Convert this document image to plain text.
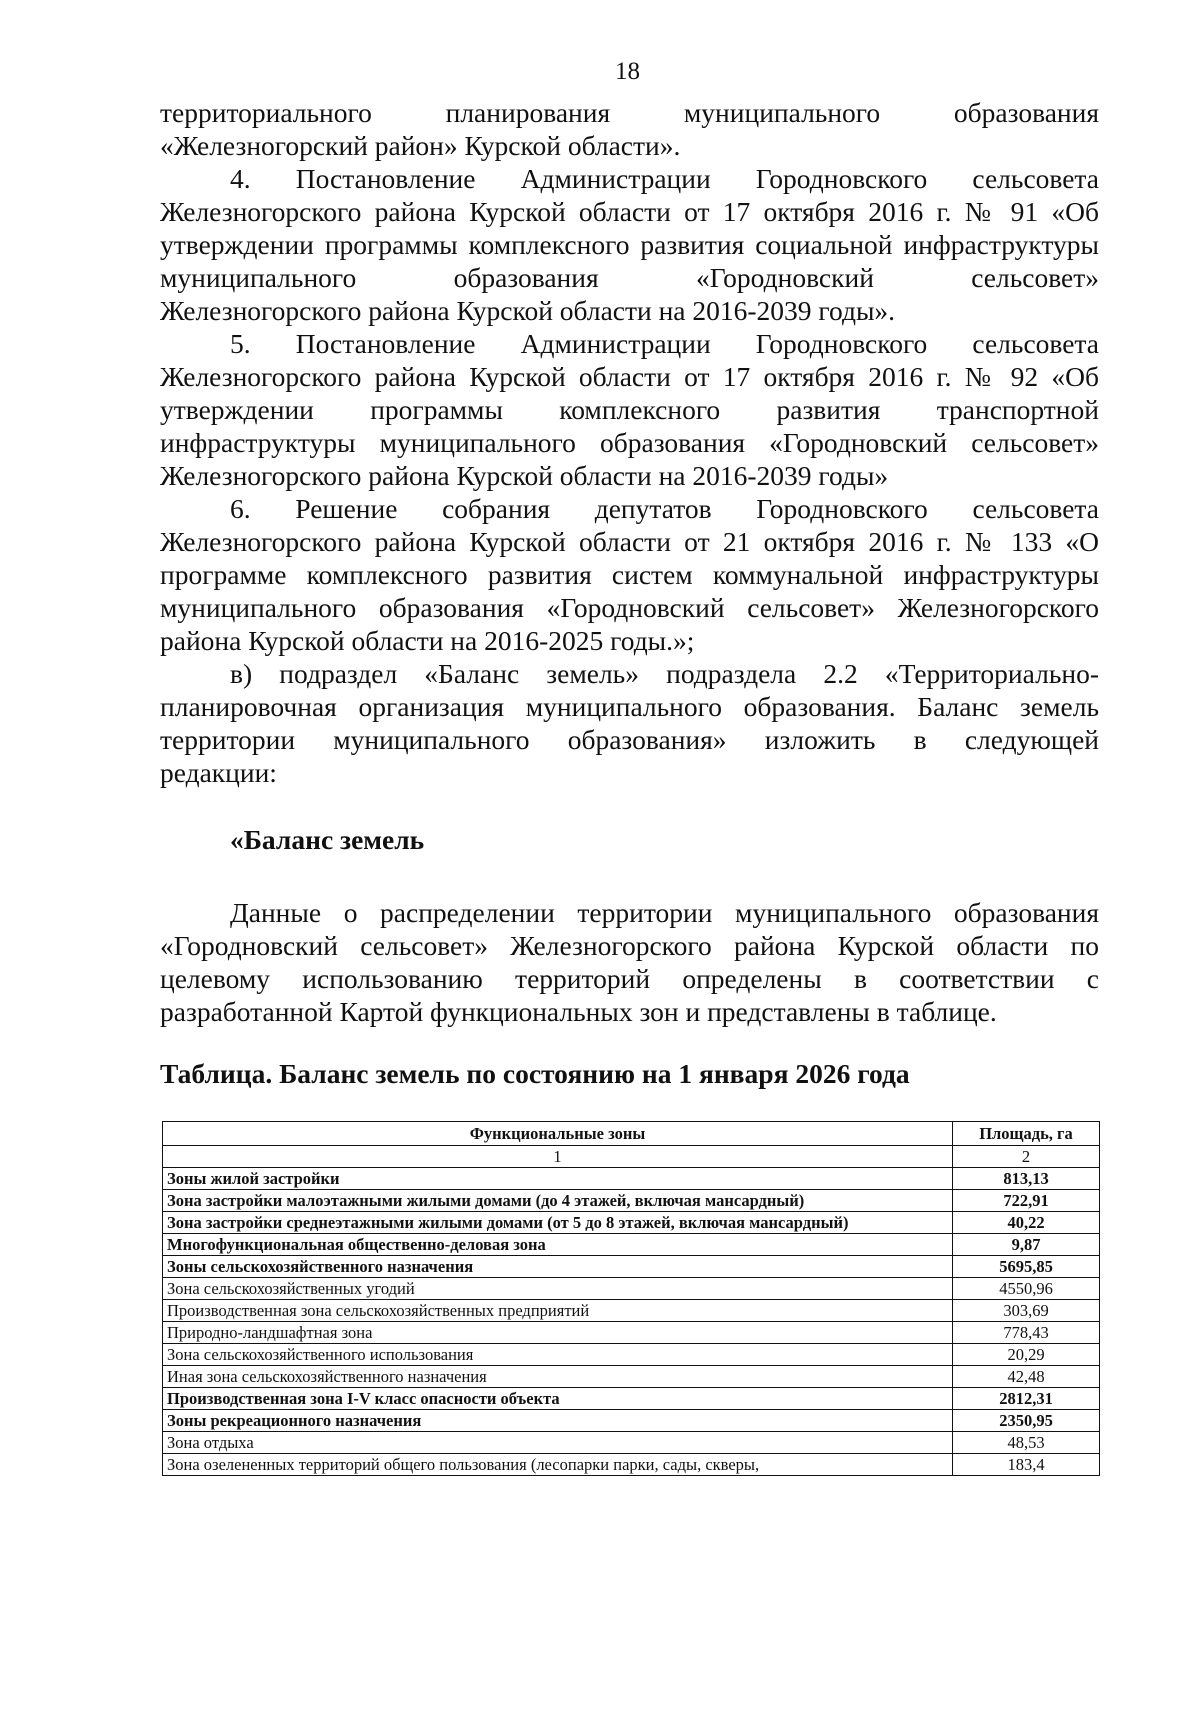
18

территориального планирования муниципального образования

«Железногорский район» Курской области».

4. Постановление Администрации Городновского сельсовета Железногорского района Курской области от 17 октября 2016 г. № 91 «Об утверждении программы комплексного развития социальной инфраструктуры муниципального образования «Городновский сельсовет»

Железногорского района Курской области на 2016-2039 годы».

5. Постановление Администрации Городновского сельсовета Железногорского района Курской области от 17 октября 2016 г. № 92 «Об утверждении программы комплексного развития транспортной инфраструктуры муниципального образования «Городновский сельсовет»

Железногорского района Курской области на 2016-2039 годы»

6. Решение собрания депутатов Городновского сельсовета Железногорского района Курской области от 21 октября 2016 г. № 133 «О программе комплексного развития систем коммунальной инфраструктуры муниципального образования «Городновский сельсовет» Железногорского

района Курской области на 2016-2025 годы.»;

в) подраздел «Баланс земель» подраздела 2.2 «Территориально-планировочная организация муниципального образования. Баланс земель территории муниципального образования» изложить в следующей

редакции:

«Баланс земель

Данные о распределении территории муниципального образования «Городновский сельсовет» Железногорского района Курской области по целевому использованию территорий определены в соответствии с разработанной Картой функциональных зон и представлены в таблице.

Таблица. Баланс земель по состоянию на 1 января 2026 года
Функциональные зоны	Площадь, га
1	2
Зоны жилой застройки	813,13
Зона застройки малоэтажными жилыми домами (до 4 этажей, включая мансардный)	722,91
Зона застройки среднеэтажными жилыми домами (от 5 до 8 этажей, включая мансардный)	40,22
Многофункциональная общественно-деловая зона	9,87
Зоны сельскохозяйственного назначения	5695,85
Зона сельскохозяйственных угодий	4550,96
Производственная зона сельскохозяйственных предприятий	303,69
Природно-ландшафтная зона	778,43
Зона сельскохозяйственного использования	20,29
Иная зона сельскохозяйственного назначения	42,48
Производственная зона I-V класс опасности объекта	2812,31
Зоны рекреационного назначения	2350,95
Зона отдыха	48,53
Зона озелененных территорий общего пользования (лесопарки парки, сады, скверы,	183,4
